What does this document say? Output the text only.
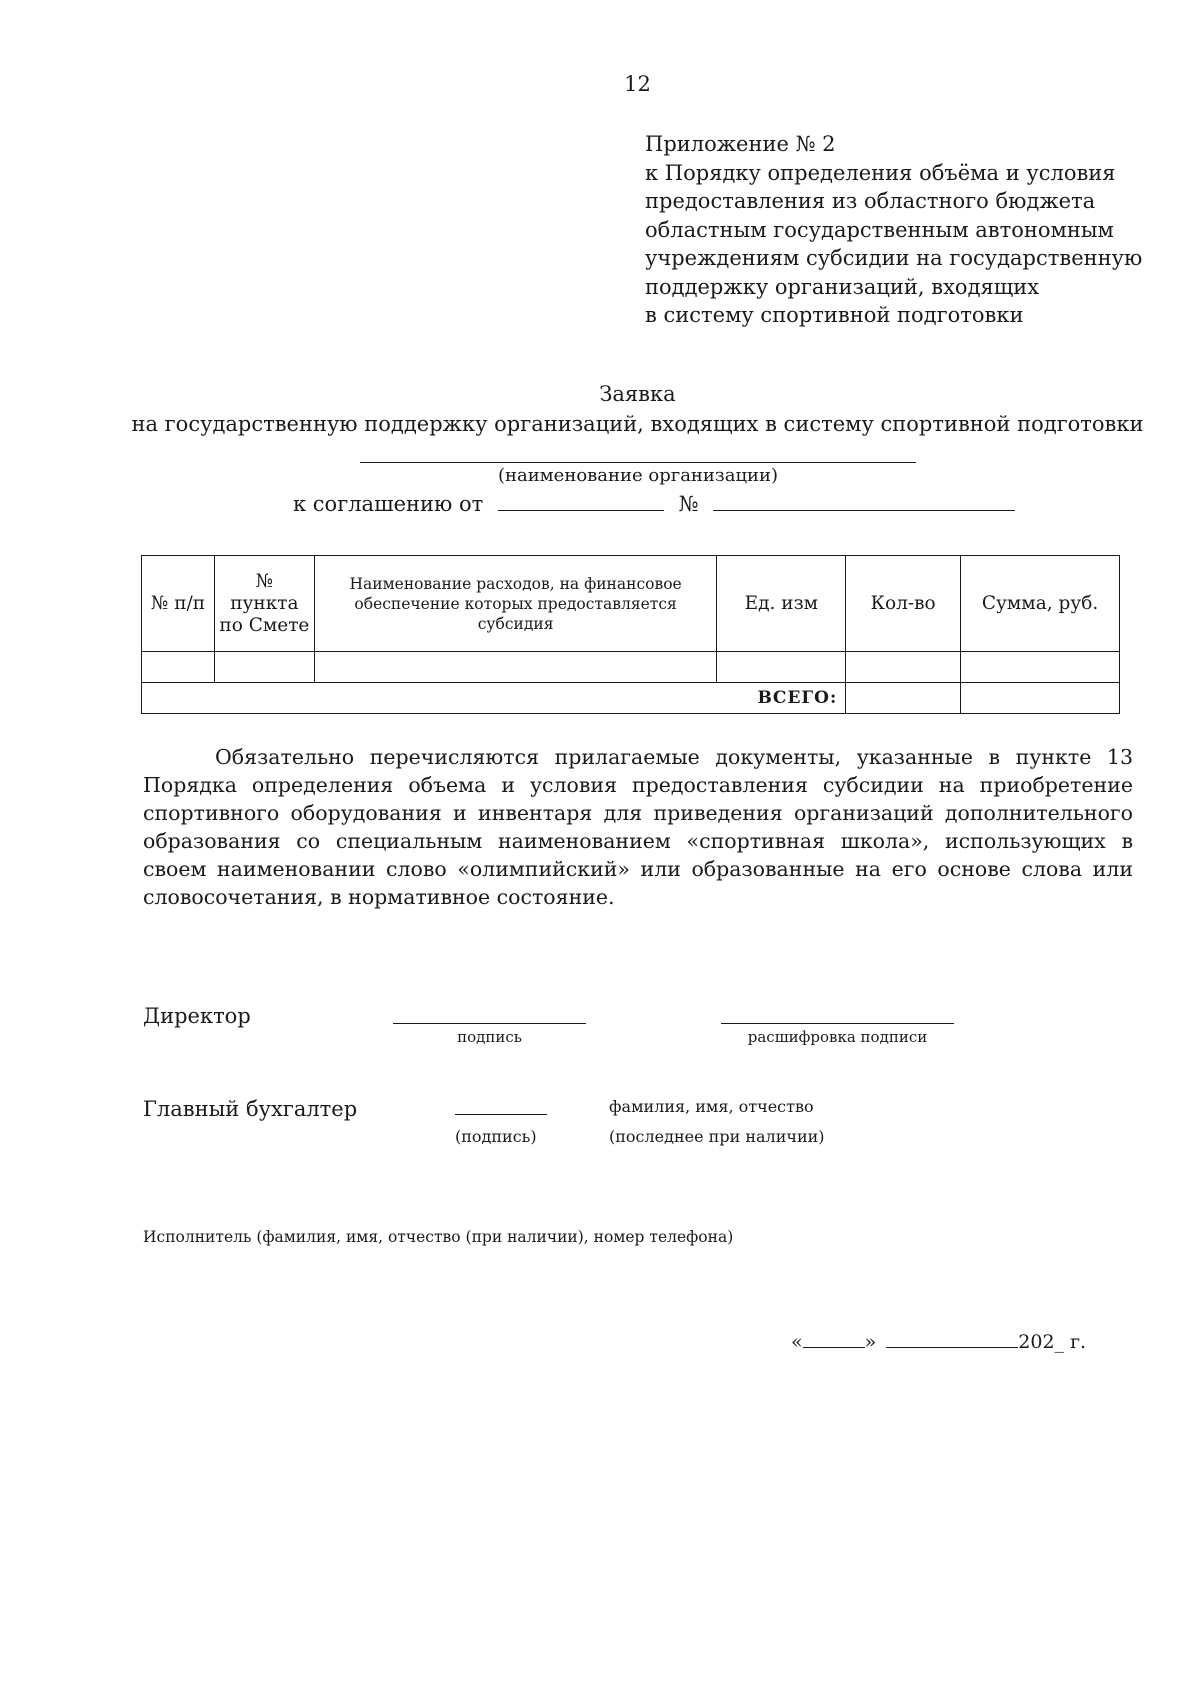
12
Приложение № 2
к Порядку определения объёма и условия
предоставления из областного бюджета
областным государственным автономным
учреждениям субсидии на государственную
поддержку организаций, входящих
в систему спортивной подготовки
Заявка
на государственную поддержку организаций, входящих в систему спортивной подготовки
(наименование организации)
к соглашению от	№
№ п/п	№ пункта по Смете	Наименование расходов, на финансовое обеспечение которых предоставляется субсидия	Ед. изм	Кол-во	Сумма, руб.

ВСЕГО:					

Обязательно перечисляются прилагаемые документы, указанные в пункте 13 Порядка определения объема и условия предоставления субсидии на приобретение спортивного оборудования и инвентаря для приведения организаций дополнительного образования со специальным наименованием «спортивная школа», использующих в своем наименовании слово «олимпийский» или образованные на его основе слова или словосочетания, в нормативное состояние.

Директор
подпись	расшифровка подписи
Главный бухгалтер
(подпись)
фамилия, имя, отчество
(последнее при наличии)
Исполнитель (фамилия, имя, отчество (при наличии), номер телефона)
«	»	202_ г.
